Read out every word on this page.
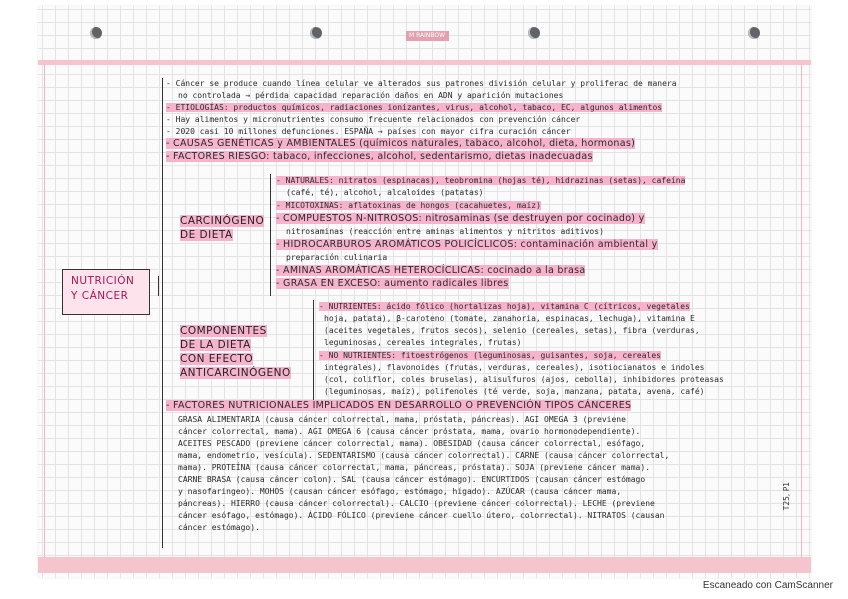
M RAINBOW
NUTRICIÓN
Y CÁNCER
CARCINÓGENO
DE DIETA
COMPONENTES
DE LA DIETA
CON EFECTO
ANTICARCINÓGENO
- Cáncer se produce cuando línea celular ve alterados sus patrones división celular y proliferac de manera
no controlada → pérdida capacidad reparación daños en ADN y aparición mutaciones
- ETIOLOGÍAS: productos químicos, radiaciones ionizantes, virus, alcohol, tabaco, EC, algunos alimentos
- Hay alimentos y micronutrientes consumo frecuente relacionados con prevención cáncer
- 2020 casi 10 millones defunciones. ESPAÑA → países con mayor cifra curación cáncer
- CAUSAS GENÉTICAS y AMBIENTALES (químicos naturales, tabaco, alcohol, dieta, hormonas)
- FACTORES RIESGO: tabaco, infecciones, alcohol, sedentarismo, dietas inadecuadas
- NATURALES: nitratos (espinacas), teobromina (hojas té), hidrazinas (setas), cafeína
(café, té), alcohol, alcaloides (patatas)
- MICOTOXINAS: aflatoxinas de hongos (cacahuetes, maíz)
- COMPUESTOS N-NITROSOS: nitrosaminas (se destruyen por cocinado) y
nitrosaminas (reacción entre aminas alimentos y nitritos aditivos)
- HIDROCARBUROS AROMÁTICOS POLICÍCLICOS: contaminación ambiental y
preparación culinaria
- AMINAS AROMÁTICAS HETEROCÍCLICAS: cocinado a la brasa
- GRASA EN EXCESO: aumento radicales libres
- NUTRIENTES: ácido fólico (hortalizas hoja), vitamina C (cítricos, vegetales
hoja, patata), β-caroteno (tomate, zanahoria, espinacas, lechuga), vitamina E
(aceites vegetales, frutos secos), selenio (cereales, setas), fibra (verduras,
leguminosas, cereales integrales, frutas)
- NO NUTRIENTES: fitoestrógenos (leguminosas, guisantes, soja, cereales
integrales), flavonoides (frutas, verduras, cereales), isotiocianatos e indoles
(col, coliflor, coles bruselas), alisulfuros (ajos, cebolla), inhibidores proteasas
(leguminosas, maíz), polifenoles (té verde, soja, manzana, patata, avena, café)
- FACTORES NUTRICIONALES IMPLICADOS EN DESARROLLO O PREVENCIÓN TIPOS CÁNCERES
GRASA ALIMENTARIA (causa cáncer colorrectal, mama, próstata, páncreas). AGI OMEGA 3 (previene
cáncer colorrectal, mama). AGI OMEGA 6 (causa cáncer próstata, mama, ovario hormonodependiente).
ACEITES PESCADO (previene cáncer colorrectal, mama). OBESIDAD (causa cáncer colorrectal, esófago,
mama, endometrio, vesícula). SEDENTARISMO (causa cáncer colorrectal). CARNE (causa cáncer colorrectal,
mama). PROTEÍNA (causa cáncer colorrectal, mama, páncreas, próstata). SOJA (previene cáncer mama).
CARNE BRASA (causa cáncer colon). SAL (causa cáncer estómago). ENCURTIDOS (causan cáncer estómago
y nasofaringeo). MOHOS (causan cáncer esófago, estómago, hígado). AZÚCAR (causa cáncer mama,
páncreas). HIERRO (causa cáncer colorrectal). CALCIO (previene cáncer colorrectal). LECHE (previene
cáncer esófago, estómago). ÁCIDO FÓLICO (previene cáncer cuello útero, colorrectal). NITRATOS (causan
cáncer estómago).
T25, P1
Escaneado con CamScanner
